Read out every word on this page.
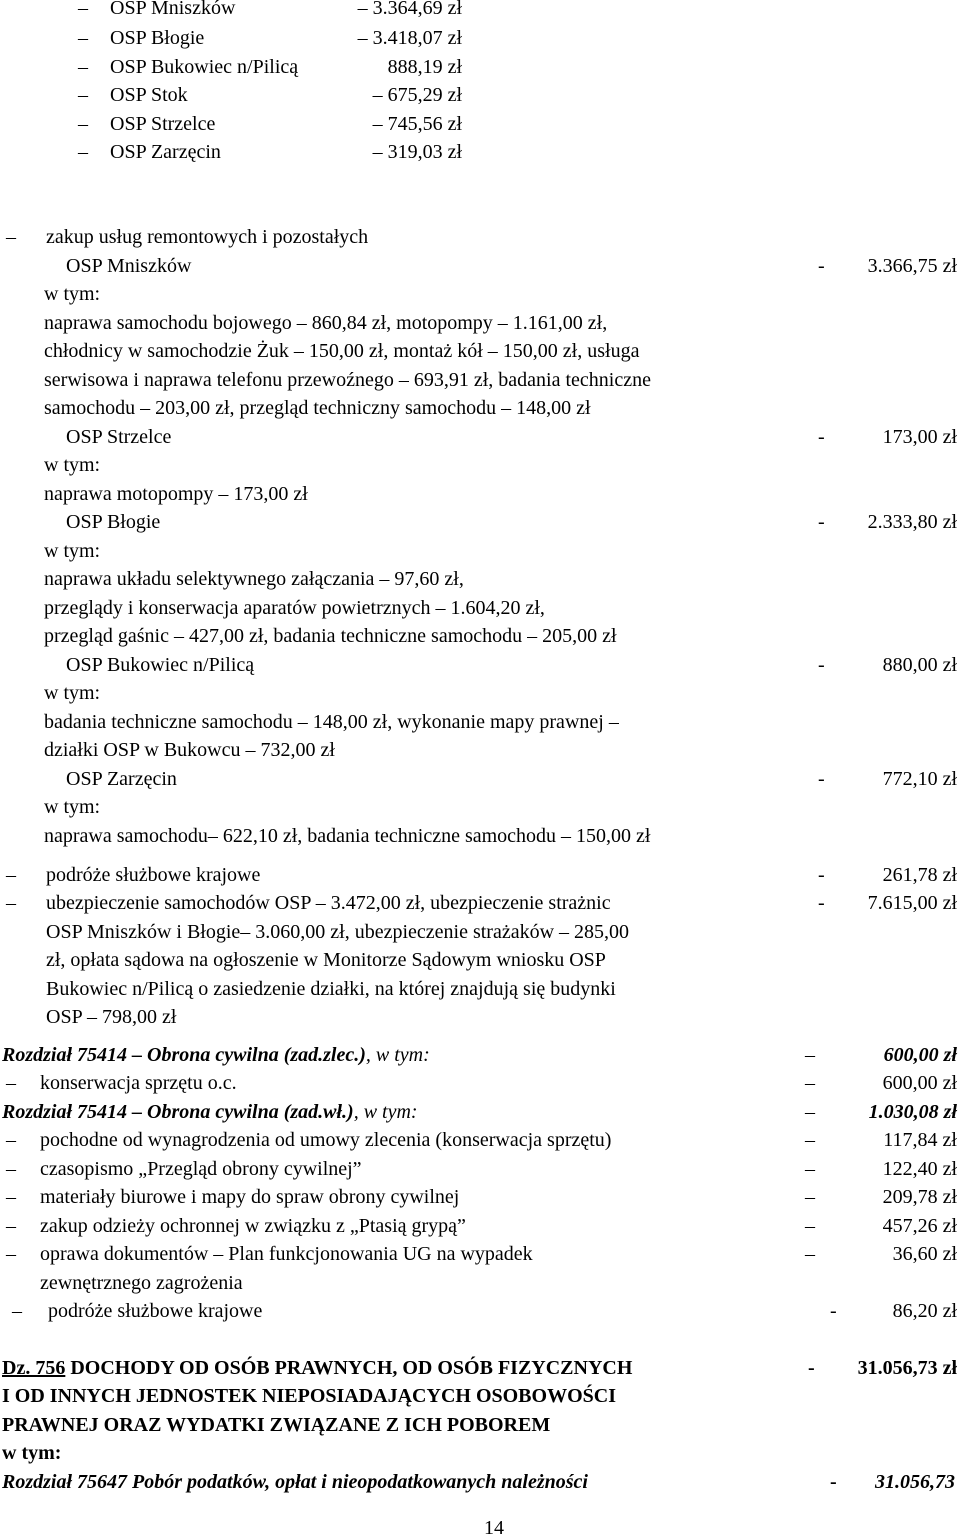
– OSP Mniszków	– 3.364,69 zł
– OSP Błogie	– 3.418,07 zł
– OSP Bukowiec n/Pilicą	888,19 zł
– OSP Stok	– 675,29 zł
– OSP Strzelce	– 745,56 zł
– OSP Zarzęcin	– 319,03 zł
– zakup usług remontowych i pozostałych
OSP Mniszków	-	3.366,75 zł
w tym:
naprawa samochodu bojowego – 860,84 zł, motopompy – 1.161,00 zł,
chłodnicy w samochodzie Żuk – 150,00 zł, montaż kół – 150,00 zł, usługa
serwisowa i naprawa telefonu przewoźnego – 693,91 zł, badania techniczne
samochodu – 203,00 zł, przegląd techniczny samochodu – 148,00 zł
OSP Strzelce	-	173,00 zł
w tym:
naprawa motopompy – 173,00 zł
OSP Błogie	-	2.333,80 zł
w tym:
naprawa układu selektywnego załączania – 97,60 zł,
przeglądy i konserwacja aparatów powietrznych – 1.604,20 zł,
przegląd gaśnic – 427,00 zł, badania techniczne samochodu – 205,00 zł
OSP Bukowiec n/Pilicą	-	880,00 zł
w tym:
badania techniczne samochodu – 148,00 zł, wykonanie mapy prawnej –
działki OSP w Bukowcu – 732,00 zł
OSP Zarzęcin	-	772,10 zł
w tym:
naprawa samochodu– 622,10 zł, badania techniczne samochodu – 150,00 zł
– podróże służbowe krajowe	-	261,78 zł
– ubezpieczenie samochodów OSP – 3.472,00 zł, ubezpieczenie strażnic	-	7.615,00 zł
OSP Mniszków i Błogie– 3.060,00 zł, ubezpieczenie strażaków – 285,00
zł, opłata sądowa na ogłoszenie w Monitorze Sądowym wniosku OSP
Bukowiec n/Pilicą o zasiedzenie działki, na której znajdują się budynki
OSP – 798,00 zł
Rozdział 75414 – Obrona cywilna (zad.zlec.), w tym:	–	600,00 zł
– konserwacja sprzętu o.c.	–	600,00 zł
Rozdział 75414 – Obrona cywilna (zad.wł.), w tym:	–	1.030,08 zł
– pochodne od wynagrodzenia od umowy zlecenia (konserwacja sprzętu)	–	117,84 zł
– czasopismo „Przegląd obrony cywilnej”	–	122,40 zł
– materiały biurowe i mapy do spraw obrony cywilnej	–	209,78 zł
– zakup odzieży ochronnej w związku z „Ptasią grypą”	–	457,26 zł
– oprawa dokumentów – Plan funkcjonowania UG na wypadek	–	36,60 zł
zewnętrznego zagrożenia
– podróże służbowe krajowe	-	86,20 zł
Dz. 756 DOCHODY OD OSÓB PRAWNYCH, OD OSÓB FIZYCZNYCH	-	31.056,73 zł
I OD INNYCH JEDNOSTEK NIEPOSIADAJĄCYCH OSOBOWOŚCI
PRAWNEJ ORAZ WYDATKI ZWIĄZANE Z ICH POBOREM
w tym:
Rozdział 75647 Pobór podatków, opłat i nieopodatkowanych należności	-	31.056,73
14
